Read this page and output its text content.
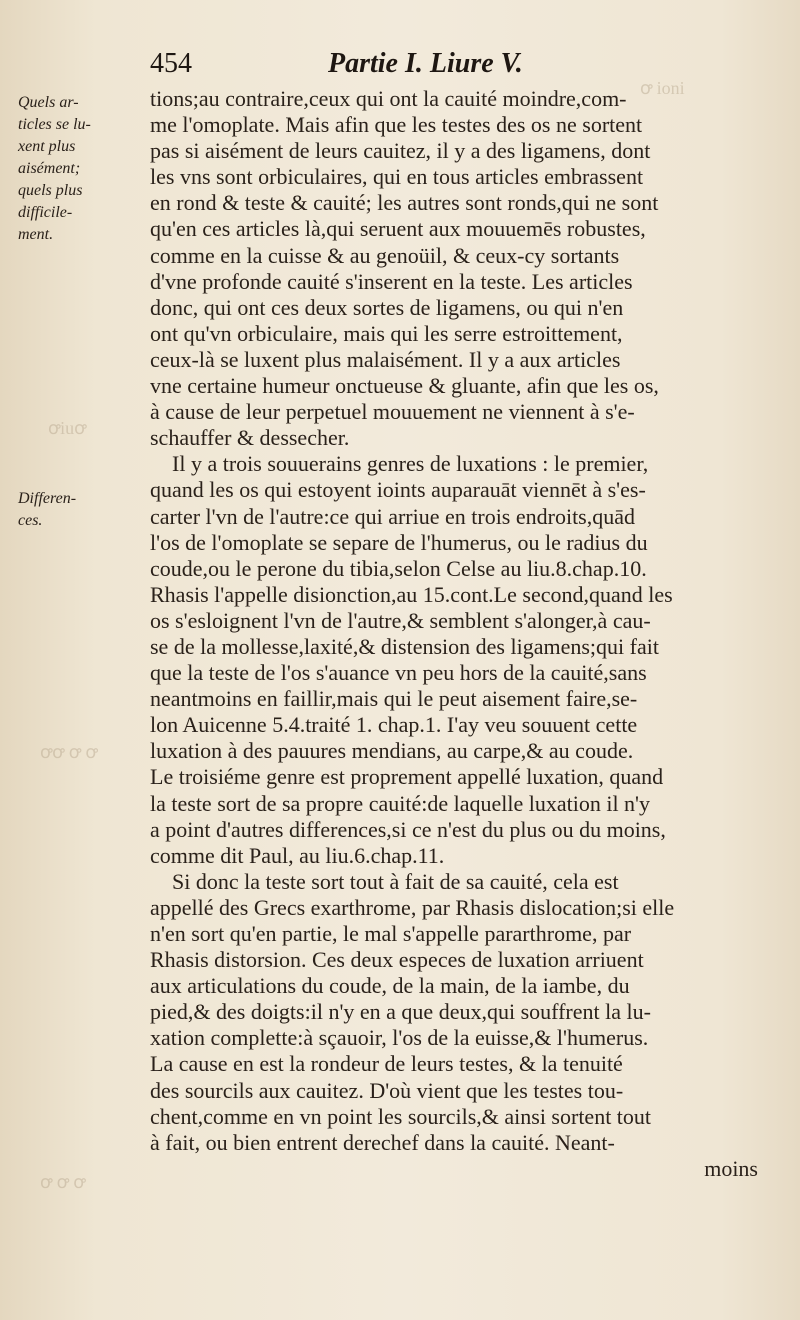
ꝍ ioni
ꝍiuꝍ
ꝍꝍ ꝍ ꝍ
ꝍ ꝍ ꝍ
454	Partie I. Liure V.
Quels ar-
ticles se lu-
xent plus
aisément;
quels plus
difficile-
ment.
Differen-
ces.
tions;au contraire,ceux qui ont la cauité moindre,com-
me l'omoplate. Mais afin que les testes des os ne sortent
pas si aisément de leurs cauitez, il y a des ligamens, dont
les vns sont orbiculaires, qui en tous articles embrassent
en rond & teste & cauité; les autres sont ronds,qui ne sont
qu'en ces articles là,qui seruent aux mouuemēs robustes,
comme en la cuisse & au genoüil, & ceux-cy sortants
d'vne profonde cauité s'inserent en la teste. Les articles
donc, qui ont ces deux sortes de ligamens, ou qui n'en
ont qu'vn orbiculaire, mais qui les serre estroittement,
ceux-là se luxent plus malaisément. Il y a aux articles
vne certaine humeur onctueuse & gluante, afin que les os,
à cause de leur perpetuel mouuement ne viennent à s'e-
schauffer & dessecher.
Il y a trois souuerains genres de luxations : le premier,
quand les os qui estoyent ioints auparauāt viennēt à s'es-
carter l'vn de l'autre:ce qui arriue en trois endroits,quād
l'os de l'omoplate se separe de l'humerus, ou le radius du
coude,ou le perone du tibia,selon Celse au liu.8.chap.10.
Rhasis l'appelle disionction,au 15.cont.Le second,quand les
os s'esloignent l'vn de l'autre,& semblent s'alonger,à cau-
se de la mollesse,laxité,& distension des ligamens;qui fait
que la teste de l'os s'auance vn peu hors de la cauité,sans
neantmoins en faillir,mais qui le peut aisement faire,se-
lon Auicenne 5.4.traité 1. chap.1. I'ay veu souuent cette
luxation à des pauures mendians, au carpe,& au coude.
Le troisiéme genre est proprement appellé luxation, quand
la teste sort de sa propre cauité:de laquelle luxation il n'y
a point d'autres differences,si ce n'est du plus ou du moins,
comme dit Paul, au liu.6.chap.11.
Si donc la teste sort tout à fait de sa cauité, cela est
appellé des Grecs exarthrome, par Rhasis dislocation;si elle
n'en sort qu'en partie, le mal s'appelle pararthrome, par
Rhasis distorsion. Ces deux especes de luxation arriuent
aux articulations du coude, de la main, de la iambe, du
pied,& des doigts:il n'y en a que deux,qui souffrent la lu-
xation complette:à sçauoir, l'os de la euisse,& l'humerus.
La cause en est la rondeur de leurs testes, & la tenuité
des sourcils aux cauitez. D'où vient que les testes tou-
chent,comme en vn point les sourcils,& ainsi sortent tout
à fait, ou bien entrent derechef dans la cauité. Neant-
moins
